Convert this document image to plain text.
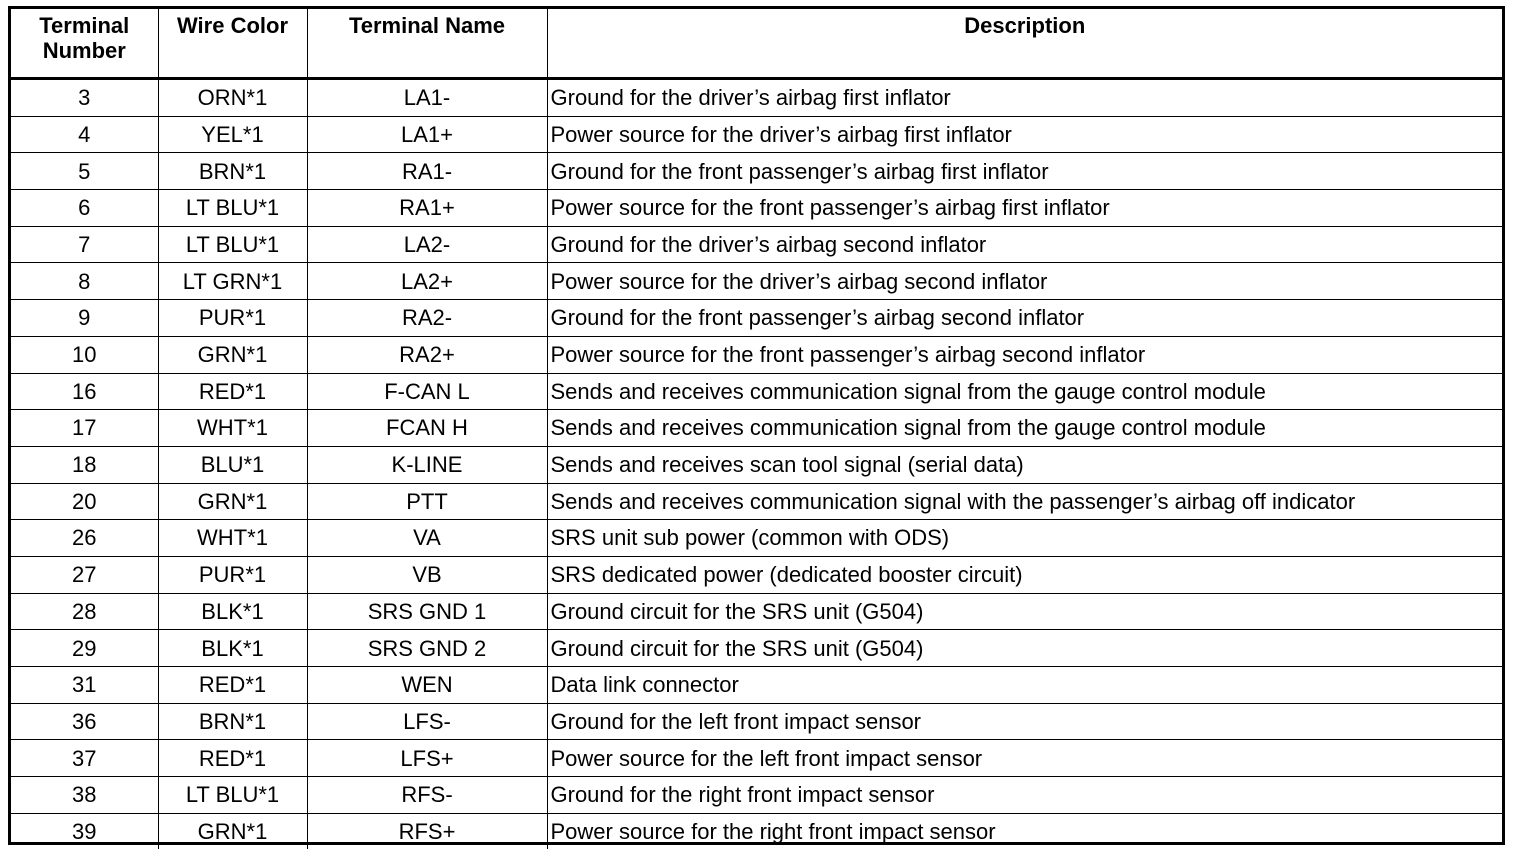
Terminal Number	Wire Color	Terminal Name	Description
3	ORN*1	LA1-	Ground for the driver’s airbag first inflator
4	YEL*1	LA1+	Power source for the driver’s airbag first inflator
5	BRN*1	RA1-	Ground for the front passenger’s airbag first inflator
6	LT BLU*1	RA1+	Power source for the front passenger’s airbag first inflator
7	LT BLU*1	LA2-	Ground for the driver’s airbag second inflator
8	LT GRN*1	LA2+	Power source for the driver’s airbag second inflator
9	PUR*1	RA2-	Ground for the front passenger’s airbag second inflator
10	GRN*1	RA2+	Power source for the front passenger’s airbag second inflator
16	RED*1	F-CAN L	Sends and receives communication signal from the gauge control module
17	WHT*1	FCAN H	Sends and receives communication signal from the gauge control module
18	BLU*1	K-LINE	Sends and receives scan tool signal (serial data)
20	GRN*1	PTT	Sends and receives communication signal with the passenger’s airbag off indicator
26	WHT*1	VA	SRS unit sub power (common with ODS)
27	PUR*1	VB	SRS dedicated power (dedicated booster circuit)
28	BLK*1	SRS GND 1	Ground circuit for the SRS unit (G504)
29	BLK*1	SRS GND 2	Ground circuit for the SRS unit (G504)
31	RED*1	WEN	Data link connector
36	BRN*1	LFS-	Ground for the left front impact sensor
37	RED*1	LFS+	Power source for the left front impact sensor
38	LT BLU*1	RFS-	Ground for the right front impact sensor
39	GRN*1	RFS+	Power source for the right front impact sensor
